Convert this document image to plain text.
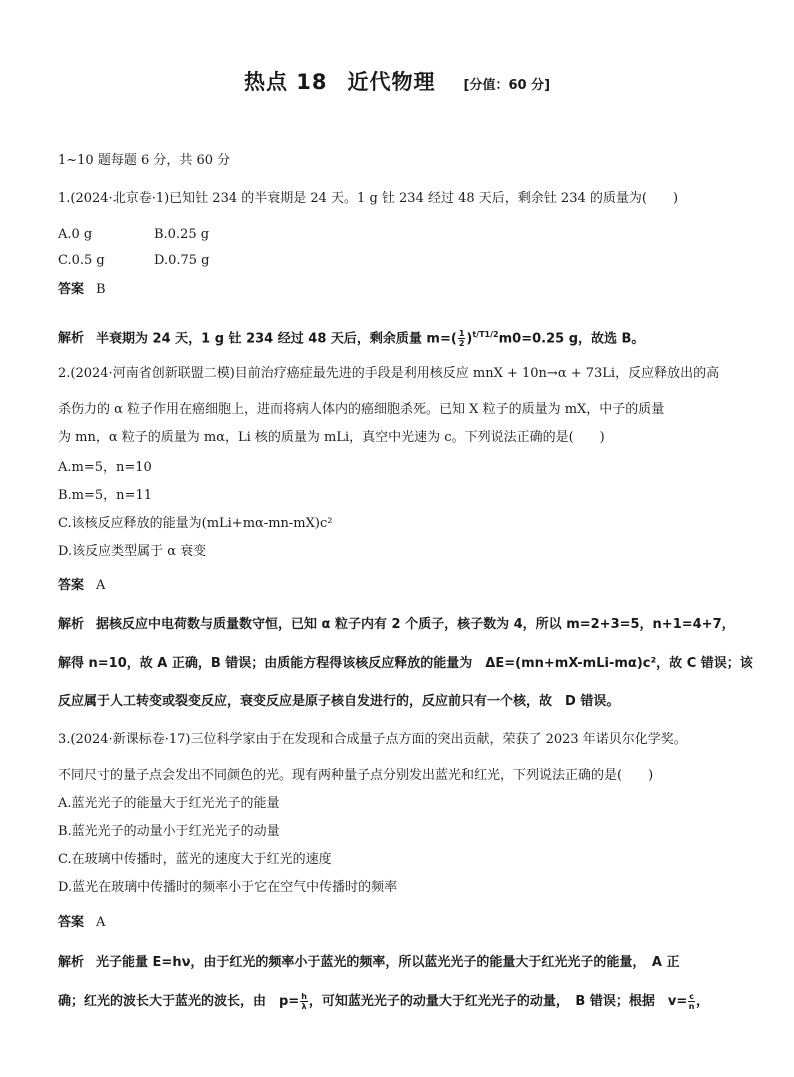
热点 18 近代物理 [分值：60 分]
1~10 题每题 6 分，共 60 分
1.(2024·北京卷·1)已知钍 234 的半衰期是 24 天。1 g 钍 234 经过 48 天后，剩余钍 234 的质量为(　　)
A.0 g	B.0.25 g
C.0.5 g	D.0.75 g
答案 B
解析 半衰期为 24 天，1 g 钍 234 经过 48 天后，剩余质量 $m=( \frac{1}{2} )^{t/T1/2}m0=0.25$ g，故选 B。
2.(2024·河南省创新联盟二模)目前治疗癌症最先进的手段是利用核反应 mnX + 10n→α + 73Li，反应释放出的高
杀伤力的 α 粒子作用在癌细胞上，进而将病人体内的癌细胞杀死。已知 X 粒子的质量为 mX，中子的质量
为 mn，α 粒子的质量为 mα，Li 核的质量为 mLi，真空中光速为 c。下列说法正确的是(　　)
A.m=5，n=10
B.m=5，n=11
C.该核反应释放的能量为(mLi+mα-mn-mX)c²
D.该反应类型属于 α 衰变
答案 A
解析 据核反应中电荷数与质量数守恒，已知 α 粒子内有 2 个质子，核子数为 4，所以 m=2+3=5，n+1=4+7，
解得 n=10，故 A 正确，B 错误；由质能方程得该核反应释放的能量为　ΔE=(mn+mX-mLi-mα)c²，故 C 错误；该
反应属于人工转变或裂变反应，衰变反应是原子核自发进行的，反应前只有一个核，故　D 错误。
3.(2024·新课标卷·17)三位科学家由于在发现和合成量子点方面的突出贡献，荣获了 2023 年诺贝尔化学奖。
不同尺寸的量子点会发出不同颜色的光。现有两种量子点分别发出蓝光和红光，下列说法正确的是(　　)
A.蓝光光子的能量大于红光光子的能量
B.蓝光光子的动量小于红光光子的动量
C.在玻璃中传播时，蓝光的速度大于红光的速度
D.蓝光在玻璃中传播时的频率小于它在空气中传播时的频率
答案 A
解析 光子能量 E=hν，由于红光的频率小于蓝光的频率，所以蓝光光子的能量大于红光光子的能量，　A 正
确；红光的波长大于蓝光的波长，由　$p= \frac{h}{\lambda}$ ，可知蓝光光子的动量大于红光光子的动量，　B 错误；根据　$v= \frac{c}{n}$ ，
